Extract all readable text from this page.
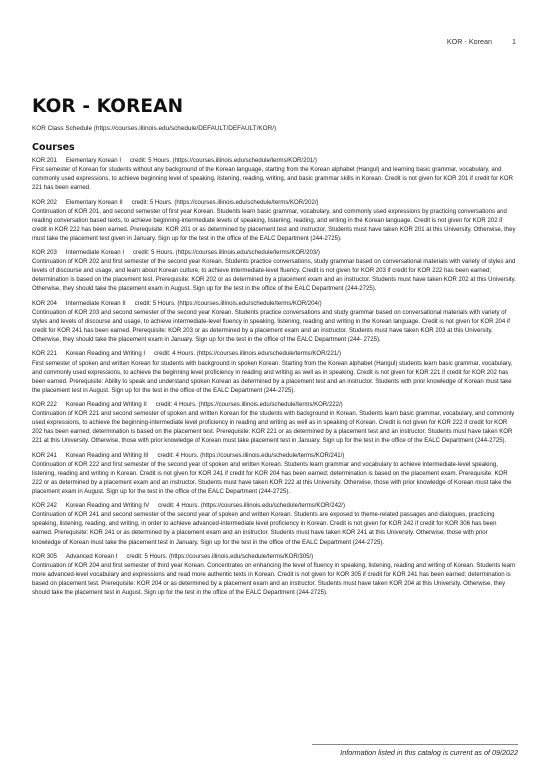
KOR - Korean	1
KOR - KOREAN
KOR Class Schedule (https://courses.illinois.edu/schedule/DEFAULT/DEFAULT/KOR/)
Courses
KOR 201 Elementary Korean I credit: 5 Hours. (https://courses.illinois.edu/schedule/terms/KOR/201/)
First semester of Korean for students without any background of the Korean language, starting from the Korean alphabet (Hangul) and learning basic grammar, vocabulary, and commonly used expressions, to achieve beginning level of speaking, listening, reading, writing, and basic grammar skills in Korean. Credit is not given for KOR 201 if credit for KOR 221 has been earned.
KOR 202 Elementary Korean II credit: 5 Hours. (https://courses.illinois.edu/schedule/terms/KOR/202/)
Continuation of KOR 201, and second semester of first year Korean. Students learn basic grammar, vocabulary, and commonly used expressions by practicing conversations and reading conversation based texts, to achieve beginning-intermediate levels of speaking, listening, reading, and writing in the Korean language. Credit is not given for KOR 202 if credit in KOR 222 has been earned. Prerequisite: KOR 201 or as determined by placement test and instructor. Students must have taken KOR 201 at this University. Otherwise, they must take the placement test given in January. Sign up for the test in the office of the EALC Department (244-2725).
KOR 203 Intermediate Korean I credit: 5 Hours. (https://courses.illinois.edu/schedule/terms/KOR/203/)
Continuation of KOR 202 and first semester of the second year Korean. Students practice conversations, study grammar based on conversational materials with variety of styles and levels of discourse and usage, and learn about Korean culture, to achieve intermediate-level fluency. Credit is not given for KOR 203 if credit for KOR 222 has been earned; determination is based on the placement test. Prerequisite: KOR 202 or as determined by a placement exam and an instructor. Students must have taken KOR 202 at this University. Otherwise, they should take the placement exam in August. Sign up for the test in the office of the EALC Department (244-2725).
KOR 204 Intermediate Korean II credit: 5 Hours. (https://courses.illinois.edu/schedule/terms/KOR/204/)
Continuation of KOR 203 and second semester of the second year Korean. Students practice conversations and study grammar based on conversational materials with variety of styles and levels of discourse and usage, to achieve intermediate-level fluency in speaking, listening, reading and writing in the Korean language. Credit is not given for KOR 204 if credit for KOR 241 has been earned. Prerequisite: KOR 203 or as determined by a placement exam and an instructor. Students must have taken KOR 203 at this University. Otherwise, they should take the placement exam in January. Sign up for the test in the office of the EALC Department (244- 2725).
KOR 221 Korean Reading and Writing I credit: 4 Hours. (https://courses.illinois.edu/schedule/terms/KOR/221/)
First semester of spoken and written Korean for students with background in spoken Korean. Starting from the Korean alphabet (Hangul) students learn basic grammar, vocabulary, and commonly used expressions, to achieve the beginning level proficiency in reading and writing as well as in speaking. Credit is not given for KOR 221 if credit for KOR 202 has been earned. Prerequisite: Ability to speak and understand spoken Korean as determined by a placement test and an instructor. Students with prior knowledge of Korean must take the placement test in August. Sign up for the test in the office of the EALC Department (244-2725).
KOR 222 Korean Reading and Writing II credit: 4 Hours. (https://courses.illinois.edu/schedule/terms/KOR/222/)
Continuation of KOR 221 and second semester of spoken and written Korean for the students with background in Korean. Students learn basic grammar, vocabulary, and commonly used expressions, to achieve the beginning-intermediate level proficiency in reading and writing as well as in speaking of Korean. Credit is not given for KOR 222 if credit for KOR 202 has been earned; determination is based on the placement test. Prerequisite: KOR 221 or as determined by a placement test and an instructor. Students must have taken KOR 221 at this University. Otherwise, those with prior knowledge of Korean must take placement test in January. Sign up for the test in the office of the EALC Department (244-2725).
KOR 241 Korean Reading and Writing III credit: 4 Hours. (https://courses.illinois.edu/schedule/terms/KOR/241/)
Continuation of KOR 222 and first semester of the second year of spoken and written Korean. Students learn grammar and vocabulary to achieve intermediate-level speaking, listening, reading and writing in Korean. Credit is not given for KOR 241 if credit for KOR 204 has been earned; determination is based on the placement exam. Prerequisite: KOR 222 or as determined by a placement exam and an instructor. Students must have taken KOR 222 at this University. Otherwise, those with prior knowledge of Korean must take the placement exam in August. Sign up for the test in the office of the EALC Department (244-2725).
KOR 242 Korean Reading and Writing IV credit: 4 Hours. (https://courses.illinois.edu/schedule/terms/KOR/242/)
Continuation of KOR 241 and second semester of the second year of spoken and written Korean. Students are exposed to theme-related passages and dialogues, practicing speaking, listening, reading, and writing, in order to achieve advanced-intermediate level proficiency in Korean. Credit is not given for KOR 242 if credit for KOR 306 has been earned. Prerequisite: KOR 241 or as determined by a placement exam and an instructor. Students must have taken KOR 241 at this University. Otherwise, those with prior knowledge of Korean must take the placement test in January. Sign up for the test in the office of the EALC Department (244-2725).
KOR 305 Advanced Korean I credit: 5 Hours. (https://courses.illinois.edu/schedule/terms/KOR/305/)
Continuation of KOR 204 and first semester of third year Korean. Concentrates on enhancing the level of fluency in speaking, listening, reading and writing of Korean. Students learn more advanced-level vocabulary and expressions and read more authentic texts in Korean. Credit is not given for KOR 305 if credit for KOR 241 has been earned; determination is based on placement test. Prerequisite: KOR 204 or as determined by a placement exam and an instructor. Students must have taken KOR 204 at this University. Otherwise, they should take the placement test in August. Sign up for the test in the office of the EALC Department (244-2725).
Information listed in this catalog is current as of 09/2022
